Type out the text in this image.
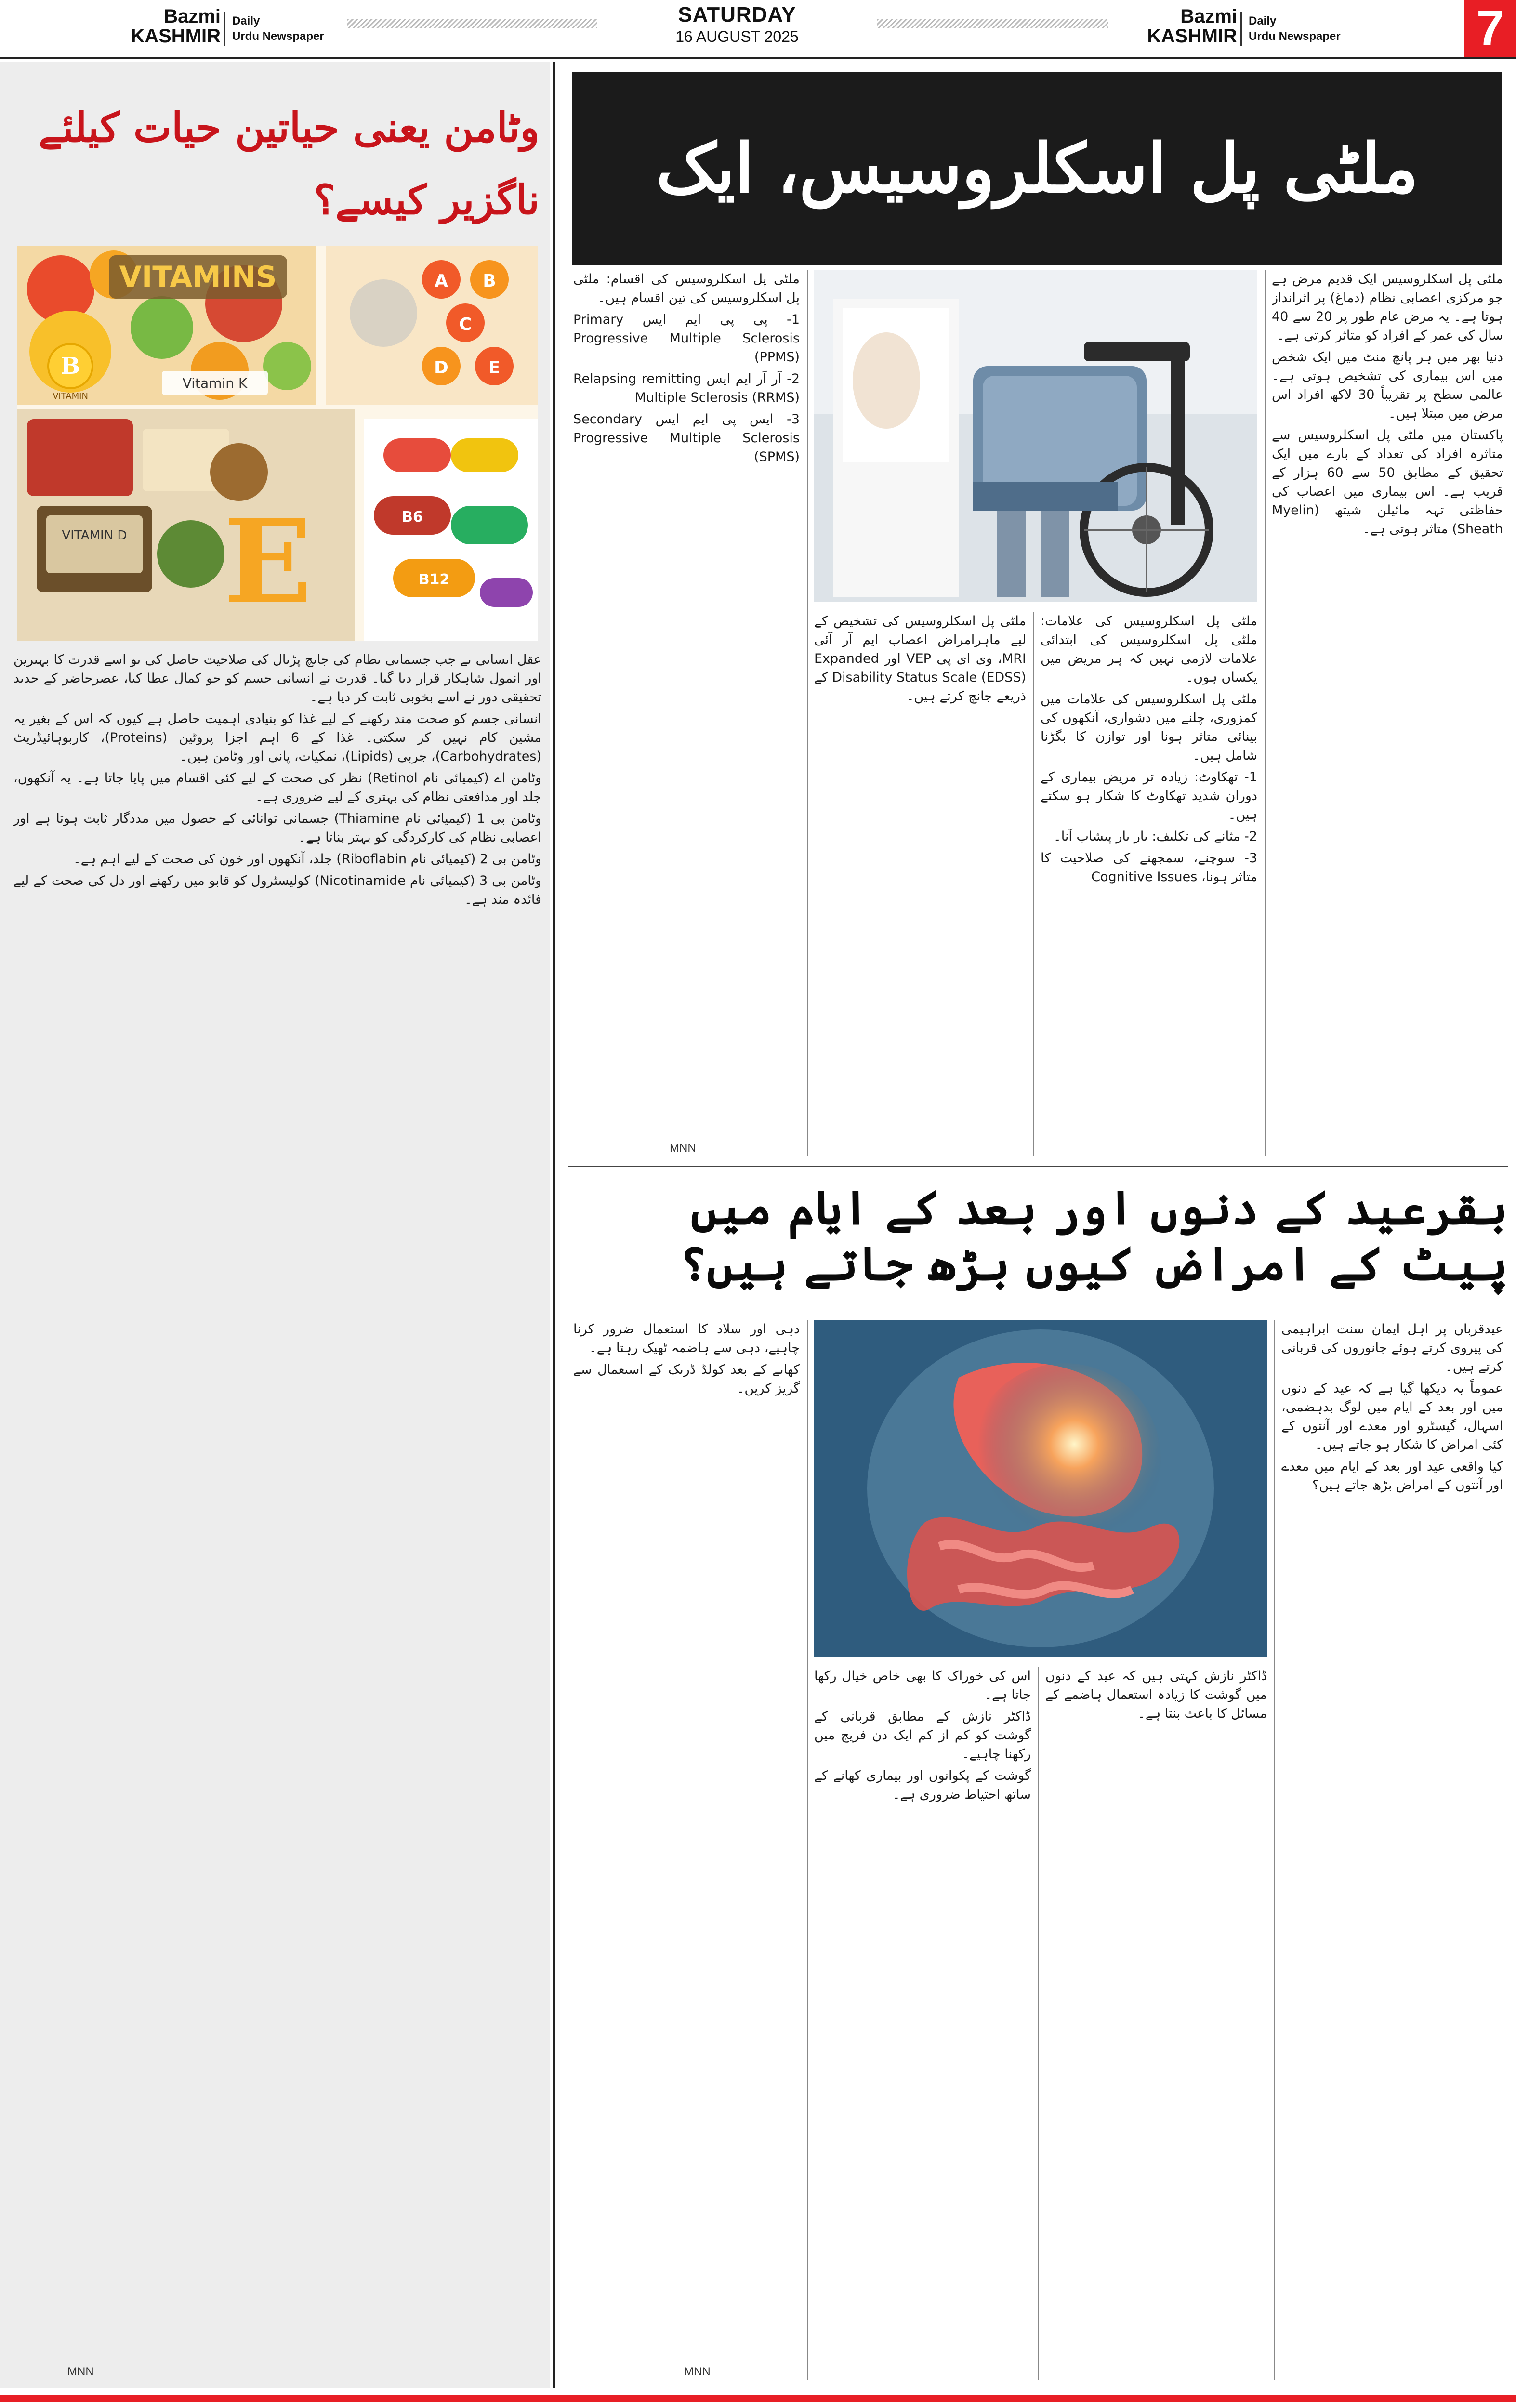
Bazmi
KASHMIR
Daily
Urdu Newspaper
SATURDAY
16 AUGUST 2025
Bazmi
KASHMIR
Daily
Urdu Newspaper	7
وٹامن یعنی حیاتین حیات کیلئے ناگزیر کیسے؟
VITAMINS
Vitamin K
B
VITAMIN
A B
C
D E
VITAMIN D E	B6
B12

عقل انسانی نے جب جسمانی نظام کی جانچ پڑتال کی صلاحیت حاصل کی تو اسے قدرت کا بہترین اور انمول شاہکار قرار دیا گیا۔ قدرت نے انسانی جسم کو جو کمال عطا کیا، عصرحاضر کے جدید تحقیقی دور نے اسے بخوبی ثابت کر دیا ہے۔

انسانی جسم کو صحت مند رکھنے کے لیے غذا کو بنیادی اہمیت حاصل ہے کیوں کہ اس کے بغیر یہ مشین کام نہیں کر سکتی۔ غذا کے 6 اہم اجزا پروٹین (Proteins)، کاربوہائیڈریٹ (Carbohydrates)، چربی (Lipids)، نمکیات، پانی اور وٹامن ہیں۔

وٹامن اے (کیمیائی نام Retinol) نظر کی صحت کے لیے کئی اقسام میں پایا جاتا ہے۔ یہ آنکھوں، جلد اور مدافعتی نظام کی بہتری کے لیے ضروری ہے۔

وٹامن بی 1 (کیمیائی نام Thiamine) جسمانی توانائی کے حصول میں مددگار ثابت ہوتا ہے اور اعصابی نظام کی کارکردگی کو بہتر بناتا ہے۔

وٹامن بی 2 (کیمیائی نام Riboflabin) جلد، آنکھوں اور خون کی صحت کے لیے اہم ہے۔

وٹامن بی 3 (کیمیائی نام Nicotinamide) کولیسٹرول کو قابو میں رکھنے اور دل کی صحت کے لیے فائدہ مند ہے۔

MNN
ملٹی پل اسکلروسیس، ایک

ملٹی پل اسکلروسیس ایک قدیم مرض ہے جو مرکزی اعصابی نظام (دماغ) پر اثرانداز ہوتا ہے۔ یہ مرض عام طور پر 20 سے 40 سال کی عمر کے افراد کو متاثر کرتی ہے۔

دنیا بھر میں ہر پانچ منٹ میں ایک شخص میں اس بیماری کی تشخیص ہوتی ہے۔ عالمی سطح پر تقریباً 30 لاکھ افراد اس مرض میں مبتلا ہیں۔

پاکستان میں ملٹی پل اسکلروسیس سے متاثرہ افراد کی تعداد کے بارے میں ایک تحقیق کے مطابق 50 سے 60 ہزار کے قریب ہے۔ اس بیماری میں اعصاب کی حفاظتی تہہ مائیلن شیتھ (Myelin Sheath) متاثر ہوتی ہے۔

ملٹی پل اسکلروسیس کی علامات: ملٹی پل اسکلروسیس کی ابتدائی علامات لازمی نہیں کہ ہر مریض میں یکساں ہوں۔

ملٹی پل اسکلروسیس کی علامات میں کمزوری، چلنے میں دشواری، آنکھوں کی بینائی متاثر ہونا اور توازن کا بگڑنا شامل ہیں۔

1- تھکاوٹ: زیادہ تر مریض بیماری کے دوران شدید تھکاوٹ کا شکار ہو سکتے ہیں۔

2- مثانے کی تکلیف: بار بار پیشاب آنا۔

3- سوچنے، سمجھنے کی صلاحیت کا متاثر ہونا، Cognitive Issues

ملٹی پل اسکلروسیس کی تشخیص کے لیے ماہرامراض اعصاب ایم آر آئی MRI، وی ای پی VEP اور Expanded Disability Status Scale (EDSS) کے ذریعے جانچ کرتے ہیں۔

ملٹی پل اسکلروسیس کی اقسام: ملٹی پل اسکلروسیس کی تین اقسام ہیں۔

1- پی پی ایم ایس Primary Progressive Multiple Sclerosis (PPMS)

2- آر آر ایم ایس Relapsing remitting Multiple Sclerosis (RRMS)

3- ایس پی ایم ایس Secondary Progressive Multiple Sclerosis (SPMS)

MNN
بقرعید کے دنوں اور بعد کے ایام میں پیٹ کے امراض کیوں بڑھ جاتے ہیں؟

عیدقرباں پر اہل ایمان سنت ابراہیمی کی پیروی کرتے ہوئے جانوروں کی قربانی کرتے ہیں۔

عموماً یہ دیکھا گیا ہے کہ عید کے دنوں میں اور بعد کے ایام میں لوگ بدہضمی، اسہال، گیسٹرو اور معدے اور آنتوں کے کئی امراض کا شکار ہو جاتے ہیں۔

کیا واقعی عید اور بعد کے ایام میں معدے اور آنتوں کے امراض بڑھ جاتے ہیں؟

ڈاکٹر نازش کہتی ہیں کہ عید کے دنوں میں گوشت کا زیادہ استعمال ہاضمے کے مسائل کا باعث بنتا ہے۔

اس کی خوراک کا بھی خاص خیال رکھا جاتا ہے۔

ڈاکٹر نازش کے مطابق قربانی کے گوشت کو کم از کم ایک دن فریج میں رکھنا چاہیے۔

گوشت کے پکوانوں اور بیماری کھانے کے ساتھ احتیاط ضروری ہے۔

دہی اور سلاد کا استعمال ضرور کرنا چاہیے، دہی سے ہاضمہ ٹھیک رہتا ہے۔

کھانے کے بعد کولڈ ڈرنک کے استعمال سے گریز کریں۔

MNN
